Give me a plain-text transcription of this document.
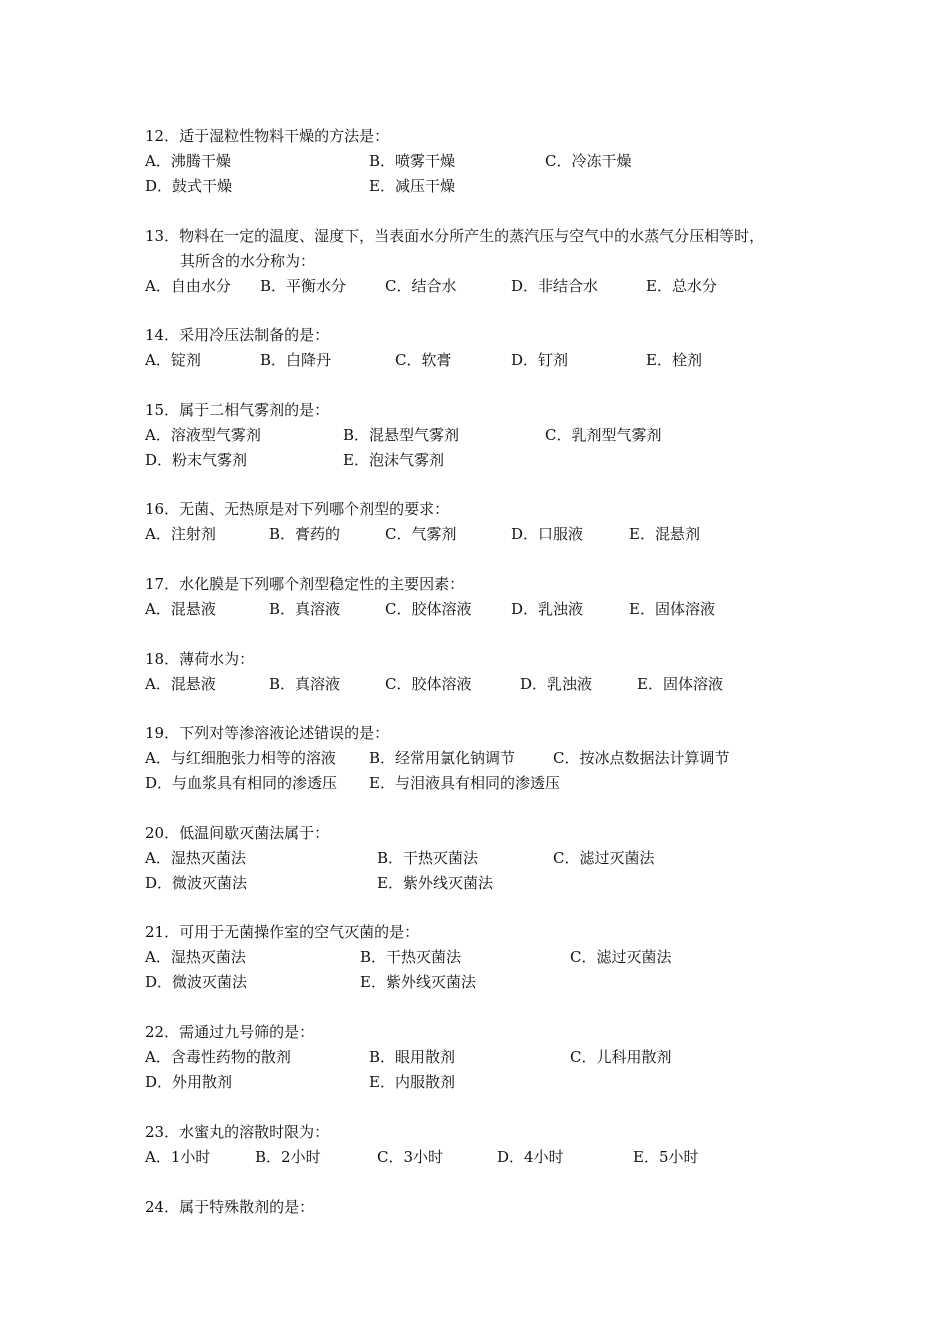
12．适于湿粒性物料干燥的方法是：
A．沸腾干燥	B．喷雾干燥	C．冷冻干燥
D．鼓式干燥	E．减压干燥
13．物料在一定的温度、湿度下，当表面水分所产生的蒸汽压与空气中的水蒸气分压相等时，
其所含的水分称为：
A．自由水分 B．平衡水分	C．结合水	D．非结合水	E．总水分
14．采用冷压法制备的是：
A．锭剂	B．白降丹	C．软膏	D．钉剂	E．栓剂
15．属于二相气雾剂的是：
A．溶液型气雾剂	B．混悬型气雾剂	C．乳剂型气雾剂
D．粉末气雾剂	E．泡沫气雾剂
16．无菌、无热原是对下列哪个剂型的要求：
A．注射剂	B．膏药的	C．气雾剂	D．口服液	E．混悬剂
17．水化膜是下列哪个剂型稳定性的主要因素：
A．混悬液	B．真溶液	C．胶体溶液	D．乳浊液	E．固体溶液
18．薄荷水为：
A．混悬液	B．真溶液	C．胶体溶液	D．乳浊液	E．固体溶液
19．下列对等渗溶液论述错误的是：
A．与红细胞张力相等的溶液 B．经常用氯化钠调节	C．按冰点数据法计算调节
D．与血浆具有相同的渗透压 E．与泪液具有相同的渗透压
20．低温间歇灭菌法属于：
A．湿热灭菌法	B．干热灭菌法	C．滤过灭菌法
D．微波灭菌法	E．紫外线灭菌法
21．可用于无菌操作室的空气灭菌的是：
A．湿热灭菌法	B．干热灭菌法	C．滤过灭菌法
D．微波灭菌法	E．紫外线灭菌法
22．需通过九号筛的是：
A．含毒性药物的散剂	B．眼用散剂	C．儿科用散剂
D．外用散剂	E．内服散剂
23．水蜜丸的溶散时限为：
A．1小时	B．2小时	C．3小时	D．4小时	E．5小时
24．属于特殊散剂的是：
